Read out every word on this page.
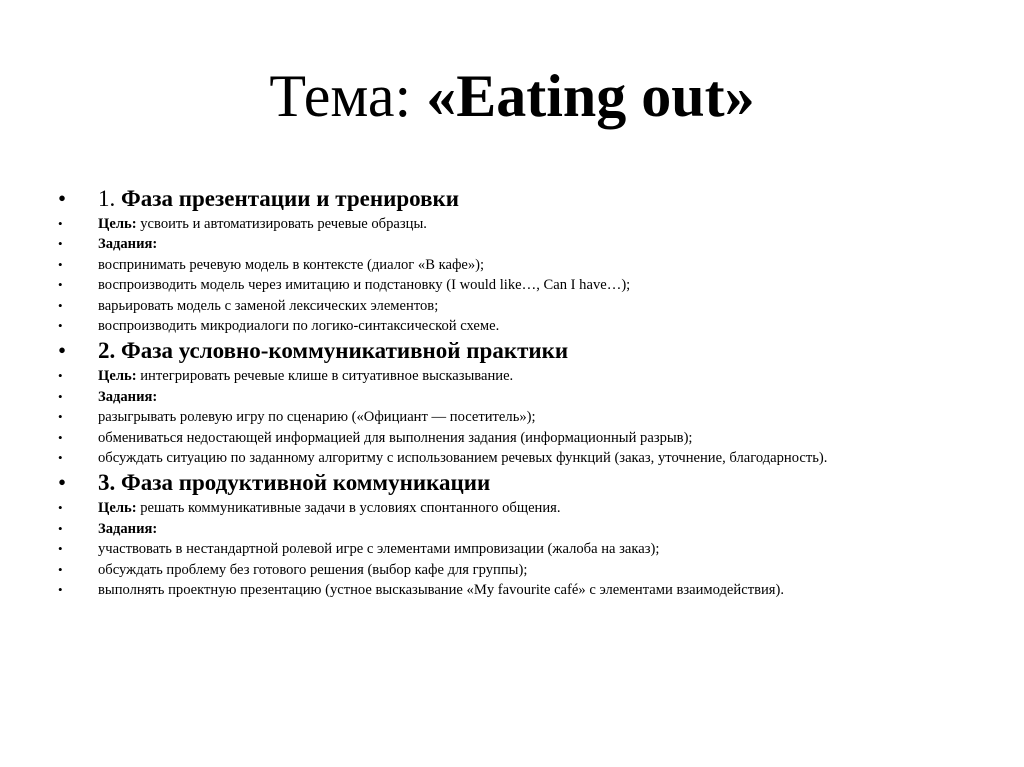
Тема: «Eating out»
• 1. Фаза презентации и тренировки
• Цель: усвоить и автоматизировать речевые образцы.
• Задания:
• воспринимать речевую модель в контексте (диалог «В кафе»);
• воспроизводить модель через имитацию и подстановку (I would like…, Can I have…);
• варьировать модель с заменой лексических элементов;
• воспроизводить микродиалоги по логико-синтаксической схеме.
• 2. Фаза условно-коммуникативной практики
• Цель: интегрировать речевые клише в ситуативное высказывание.
• Задания:
• разыгрывать ролевую игру по сценарию («Официант — посетитель»);
• обмениваться недостающей информацией для выполнения задания (информационный разрыв);
• обсуждать ситуацию по заданному алгоритму с использованием речевых функций (заказ, уточнение, благодарность).
• 3. Фаза продуктивной коммуникации
• Цель: решать коммуникативные задачи в условиях спонтанного общения.
• Задания:
• участвовать в нестандартной ролевой игре с элементами импровизации (жалоба на заказ);
• обсуждать проблему без готового решения (выбор кафе для группы);
• выполнять проектную презентацию (устное высказывание «My favourite café» с элементами взаимодействия).
